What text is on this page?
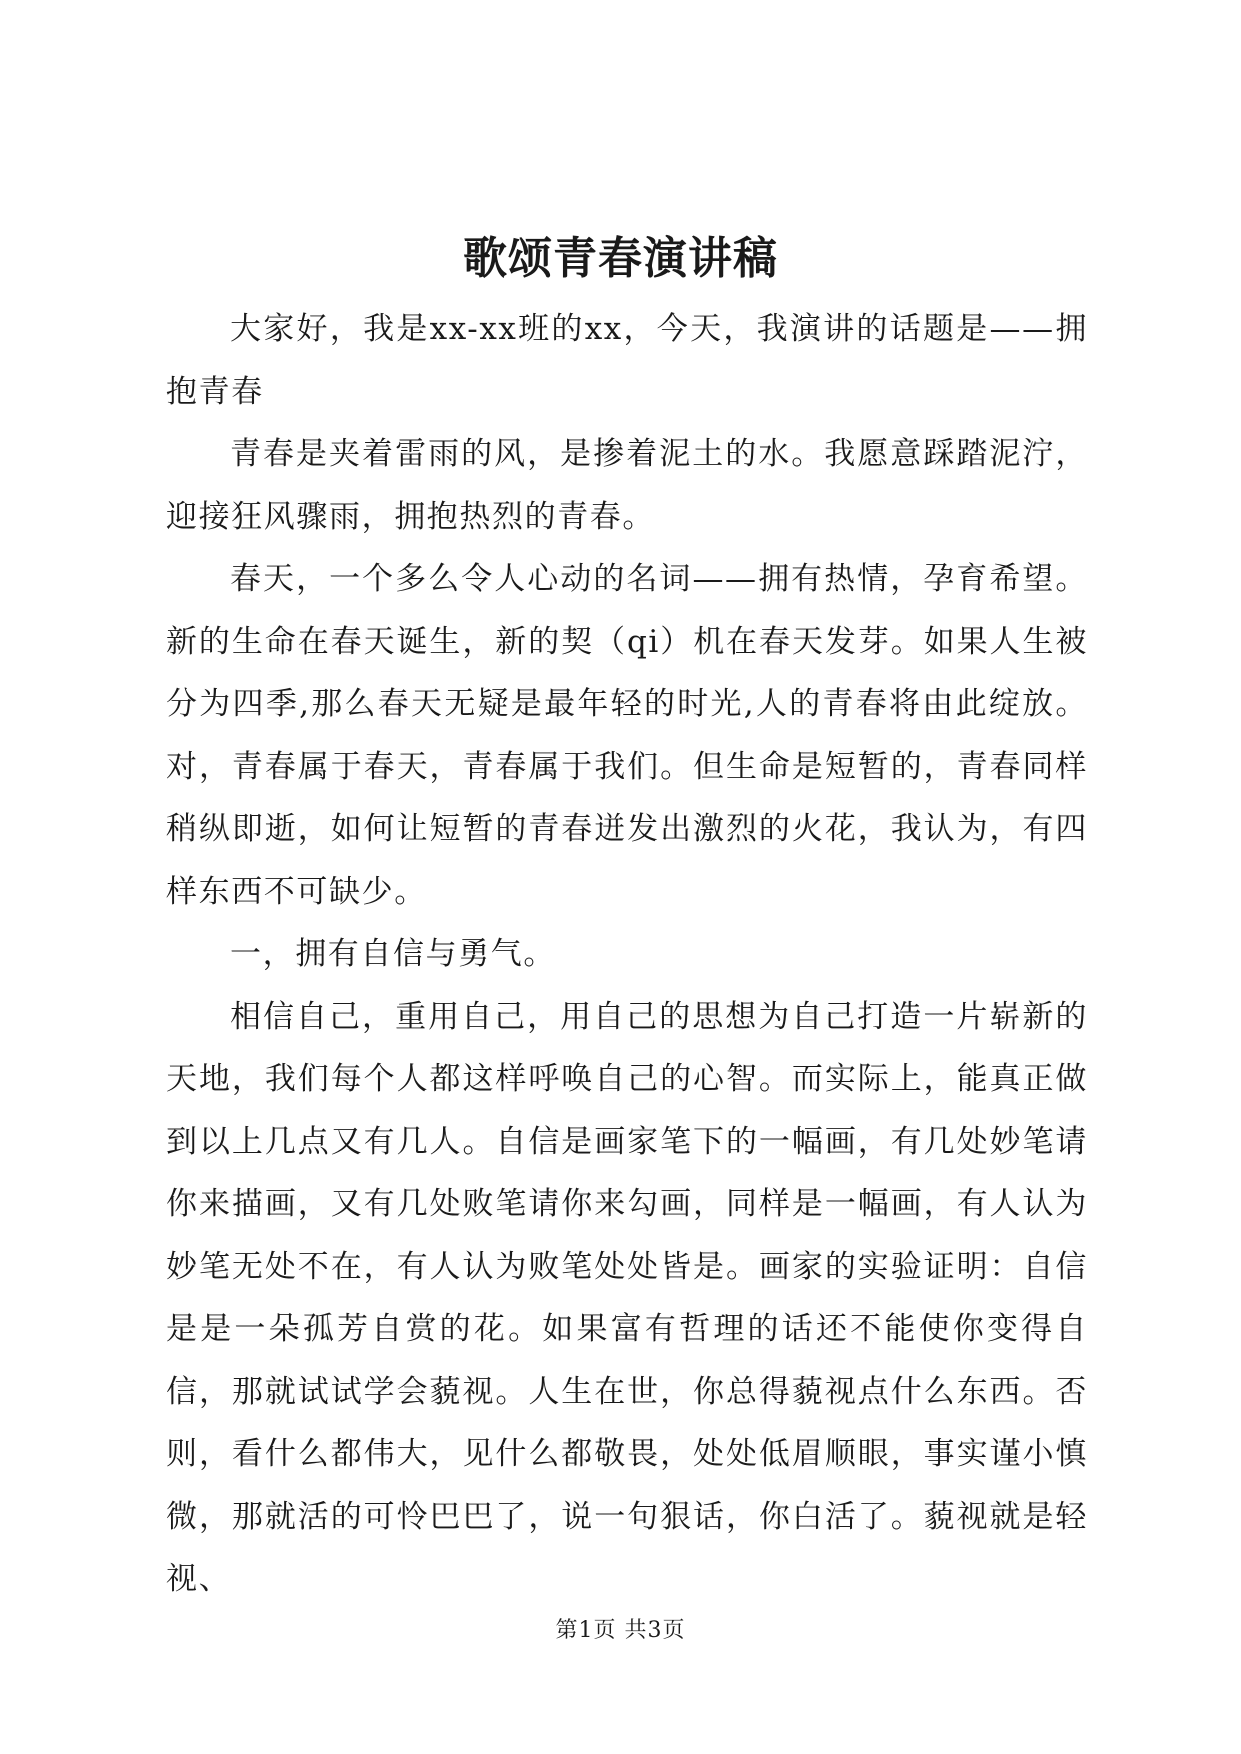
歌颂青春演讲稿

大家好，我是xx-xx班的xx，今天，我演讲的话题是——拥抱青春

青春是夹着雷雨的风，是掺着泥土的水。我愿意踩踏泥泞，迎接狂风骤雨，拥抱热烈的青春。

春天，一个多么令人心动的名词——拥有热情，孕育希望。新的生命在春天诞生，新的契（qi）机在春天发芽。如果人生被分为四季,那么春天无疑是最年轻的时光,人的青春将由此绽放。对，青春属于春天，青春属于我们。但生命是短暂的，青春同样稍纵即逝，如何让短暂的青春迸发出激烈的火花，我认为，有四样东西不可缺少。

一，拥有自信与勇气。

相信自己，重用自己，用自己的思想为自己打造一片崭新的天地，我们每个人都这样呼唤自己的心智。而实际上，能真正做到以上几点又有几人。自信是画家笔下的一幅画，有几处妙笔请你来描画，又有几处败笔请你来勾画，同样是一幅画，有人认为妙笔无处不在，有人认为败笔处处皆是。画家的实验证明：自信是是一朵孤芳自赏的花。如果富有哲理的话还不能使你变得自信，那就试试学会藐视。人生在世，你总得藐视点什么东西。否则，看什么都伟大，见什么都敬畏，处处低眉顺眼，事实谨小慎微，那就活的可怜巴巴了，说一句狠话，你白活了。藐视就是轻视、

第1页 共3页
